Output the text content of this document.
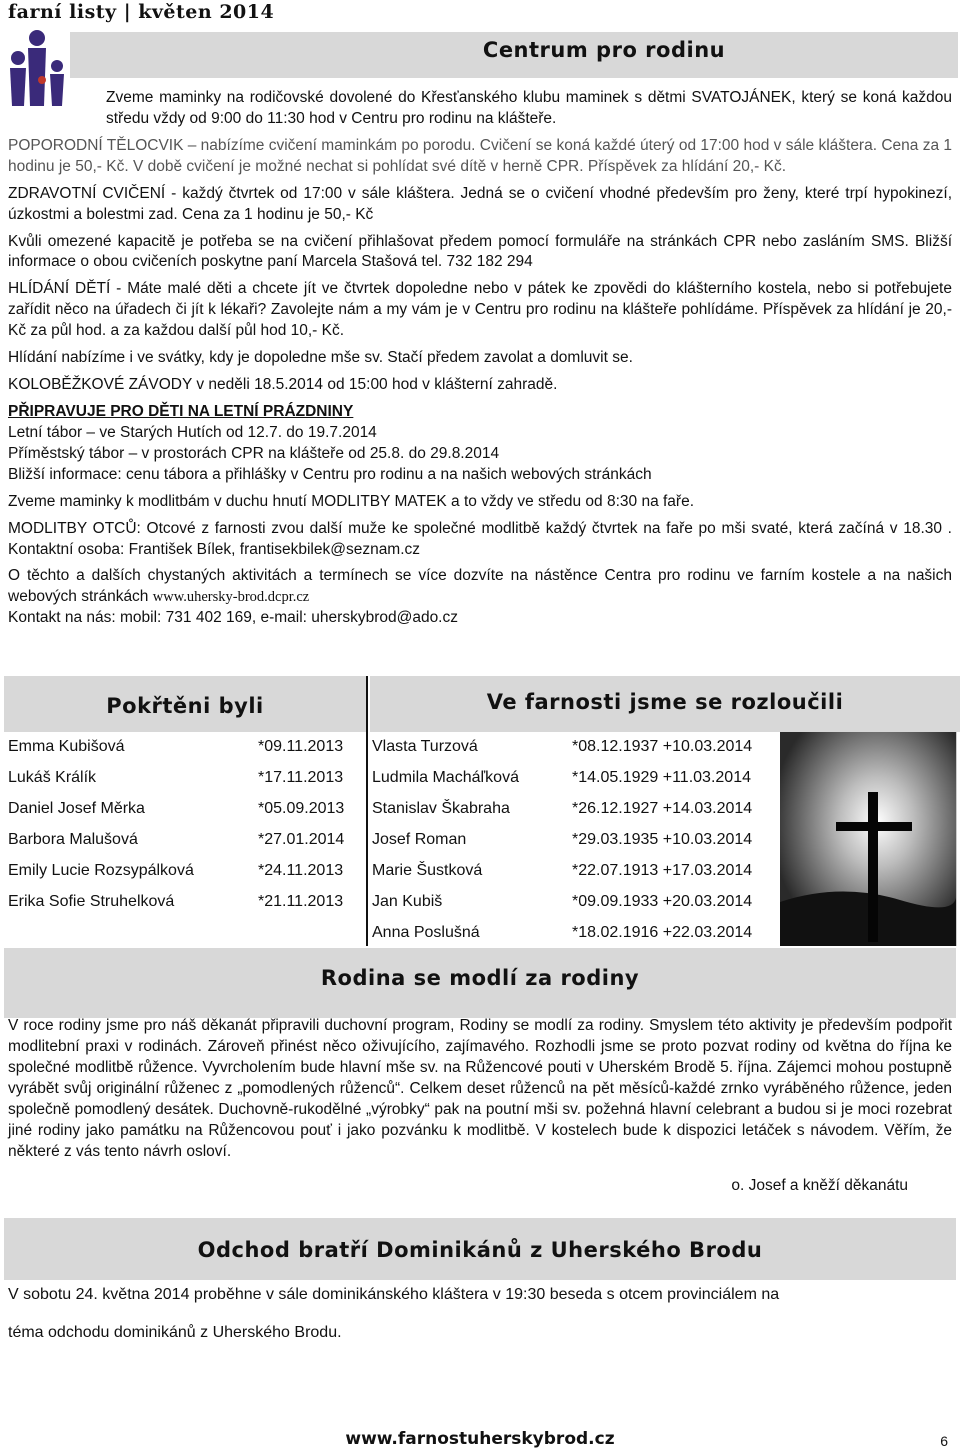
farní listy | květen 2014
Centrum pro rodinu

Zveme maminky na rodičovské dovolené do Křesťanského klubu maminek s dětmi SVATOJÁNEK, který se koná každou středu vždy od 9:00 do 11:30 hod v Centru pro rodinu na klášteře.

POPORODNÍ TĚLOCVIK – nabízíme cvičení maminkám po porodu. Cvičení se koná každé úterý od 17:00 hod v sále kláštera. Cena za 1 hodinu je 50,- Kč. V době cvičení je možné nechat si pohlídat své dítě v herně CPR. Příspěvek za hlídání 20,- Kč.

ZDRAVOTNÍ CVIČENÍ - každý čtvrtek od 17:00 v sále kláštera. Jedná se o cvičení vhodné především pro ženy, které trpí hypokinezí, úzkostmi a bolestmi zad. Cena za 1 hodinu je 50,- Kč

Kvůli omezené kapacitě je potřeba se na cvičení přihlašovat předem pomocí formuláře na stránkách CPR nebo zasláním SMS. Bližší informace o obou cvičeních poskytne paní Marcela Stašová tel. 732 182 294

HLÍDÁNÍ DĚTÍ - Máte malé děti a chcete jít ve čtvrtek dopoledne nebo v pátek ke zpovědi do klášterního kostela, nebo si potřebujete zařídit něco na úřadech či jít k lékaři? Zavolejte nám a my vám je v Centru pro rodinu na klášteře pohlídáme. Příspěvek za hlídání je 20,- Kč za půl hod. a za každou další půl hod 10,- Kč.

Hlídání nabízíme i ve svátky, kdy je dopoledne mše sv. Stačí předem zavolat a domluvit se.

KOLOBĚŽKOVÉ ZÁVODY v neděli 18.5.2014 od 15:00 hod v klášterní zahradě.

PŘIPRAVUJE PRO DĚTI NA LETNÍ PRÁZDNINY

Letní tábor – ve Starých Hutích od 12.7. do 19.7.2014

Příměstský tábor – v prostorách CPR na klášteře od 25.8. do 29.8.2014

Bližší informace: cenu tábora a přihlášky v Centru pro rodinu a na našich webových stránkách

Zveme maminky k modlitbám v duchu hnutí MODLITBY MATEK a to vždy ve středu od 8:30 na faře.

MODLITBY OTCŮ: Otcové z farnosti zvou další muže ke společné modlitbě každý čtvrtek na faře po mši svaté, která začíná v 18.30 . Kontaktní osoba: František Bílek, frantisekbilek@seznam.cz

O těchto a dalších chystaných aktivitách a termínech se více dozvíte na nástěnce Centra pro rodinu ve farním kostele a na našich webových stránkách www.uhersky-brod.dcpr.cz

Kontakt na nás: mobil: 731 402 169, e-mail: uherskybrod@ado.cz

Pokřtěni byli	Ve farnosti jsme se rozloučili
Emma Kubišová	*09.11.2013
Lukáš Králík	*17.11.2013
Daniel Josef Měrka	*05.09.2013
Barbora Malušová	*27.01.2014
Emily Lucie Rozsypálková	*24.11.2013
Erika Sofie Struhelková	*21.11.2013
Vlasta Turzová	*08.12.1937 +10.03.2014
Ludmila Macháľková	*14.05.1929 +11.03.2014
Stanislav Škabraha	*26.12.1927 +14.03.2014
Josef Roman	*29.03.1935 +10.03.2014
Marie Šustková	*22.07.1913 +17.03.2014
Jan Kubiš	*09.09.1933 +20.03.2014
Anna Poslušná	*18.02.1916 +22.03.2014
Rodina se modlí za rodiny

V roce rodiny jsme pro náš děkanát připravili duchovní program, Rodiny se modlí za rodiny. Smyslem této aktivity je především podpořit modlitební praxi v rodinách. Zároveň přinést něco oživujícího, zajímavého. Rozhodli jsme se proto pozvat rodiny od května do října ke společné modlitbě růžence. Vyvrcholením bude hlavní mše sv. na Růžencové pouti v Uherském Brodě 5. října. Zájemci mohou postupně vyrábět svůj originální růženec z „pomodlených růženců“. Celkem deset růženců na pět měsíců-každé zrnko vyráběného růžence, jeden společně pomodlený desátek. Duchovně-rukodělné „výrobky“ pak na poutní mši sv. požehná hlavní celebrant a budou si je moci rozebrat jiné rodiny jako památku na Růžencovou pouť i jako pozvánku k modlitbě. V kostelech bude k dispozici letáček s návodem. Věřím, že některé z vás tento návrh osloví.

o. Josef a kněží děkanátu

Odchod bratří Dominikánů z Uherského Brodu

V sobotu 24. května 2014 proběhne v sále dominikánského kláštera v 19:30 beseda s otcem provinciálem na

téma odchodu dominikánů z Uherského Brodu.

www.farnostuherskybrod.cz	6
